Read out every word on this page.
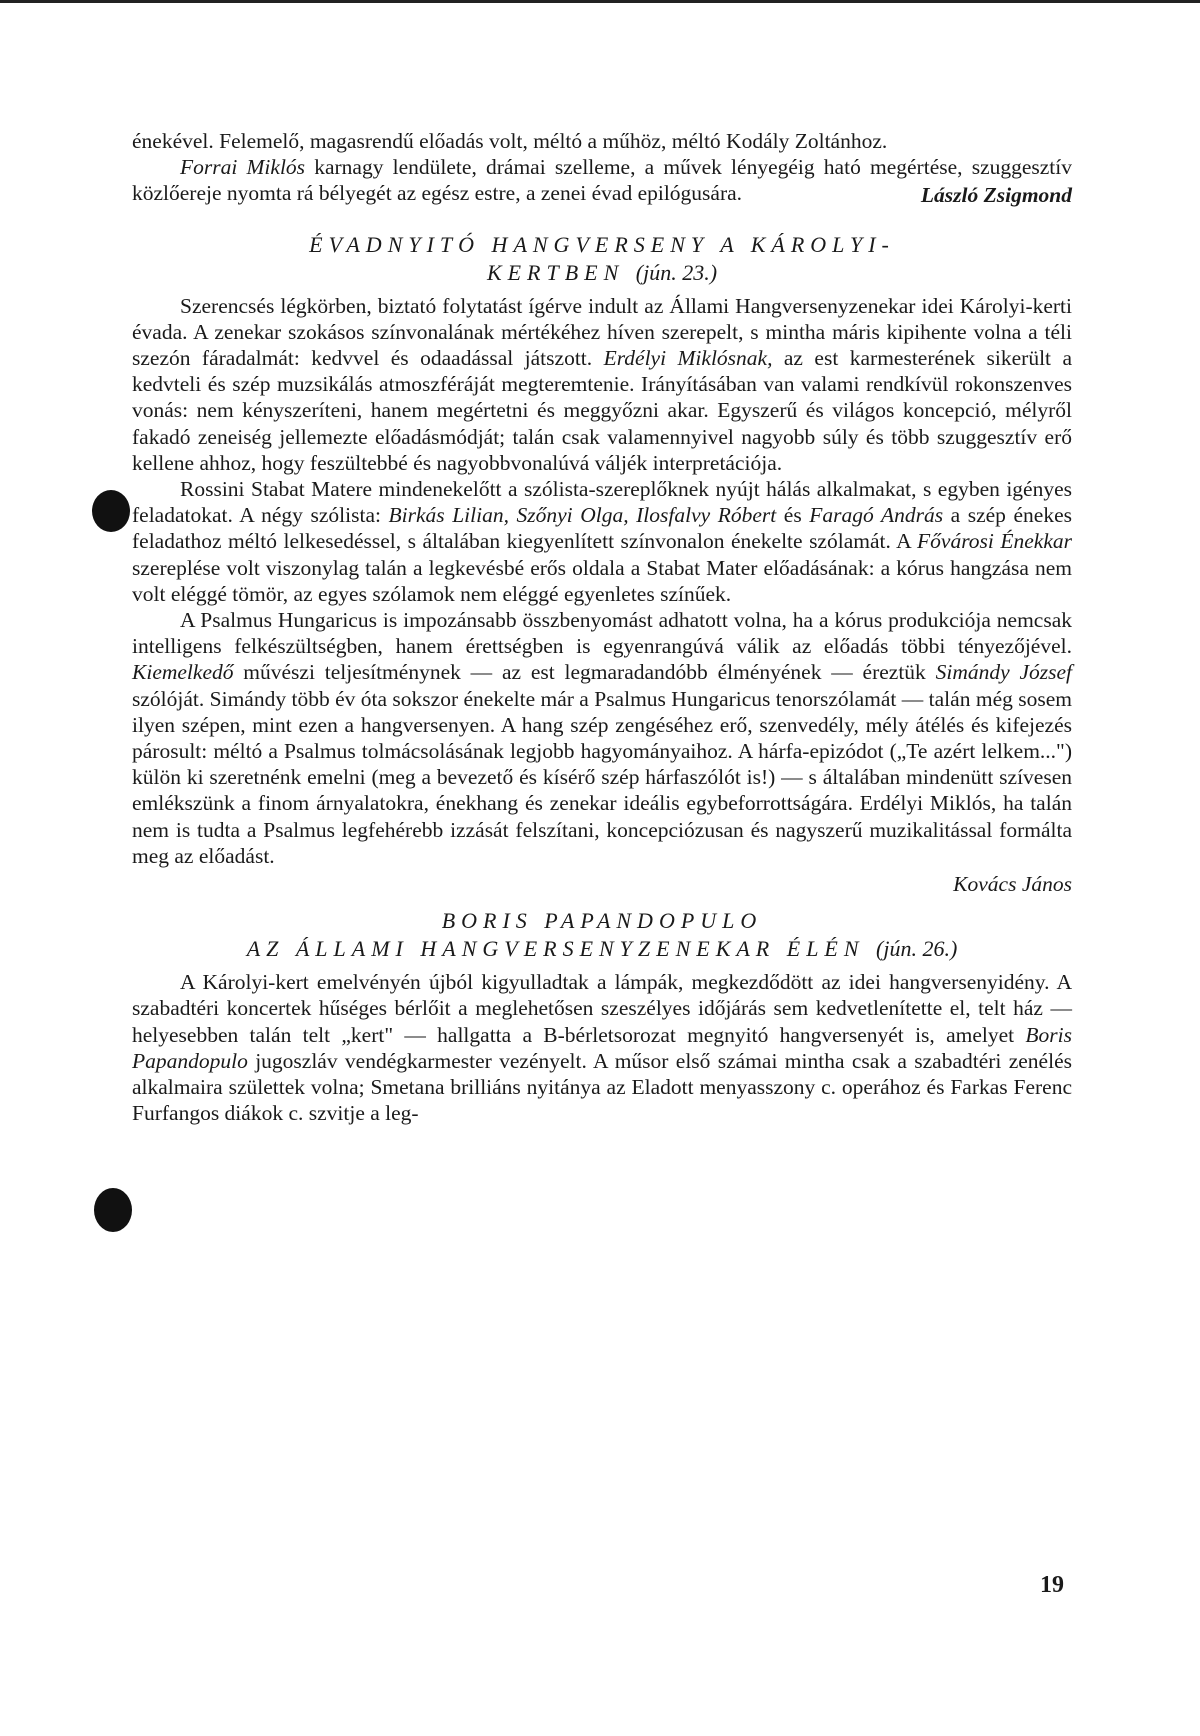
énekével. Felemelő, magasrendű előadás volt, méltó a műhöz, méltó Kodály Zoltánhoz.

Forrai Miklós karnagy lendülete, drámai szelleme, a művek lényegéig ható megértése, szuggesztív közlőereje nyomta rá bélyegét az egész estre, a zenei évad epilógusára.	László Zsigmond

ÉVADNYITÓ HANGVERSENY A KÁROLYI-
KERTBEN (jún. 23.)

Szerencsés légkörben, biztató folytatást ígérve indult az Állami Hangversenyzenekar idei Károlyi-kerti évada. A zenekar szokásos színvonalának mértékéhez híven szerepelt, s mintha máris kipihente volna a téli szezón fáradalmát: kedvvel és odaadással játszott. Erdélyi Miklósnak, az est karmesterének sikerült a kedvteli és szép muzsikálás atmoszféráját megteremtenie. Irányításában van valami rendkívül rokonszenves vonás: nem kényszeríteni, hanem megértetni és meggyőzni akar. Egyszerű és világos koncepció, mélyről fakadó zeneiség jellemezte előadásmódját; talán csak valamennyivel nagyobb súly és több szuggesztív erő kellene ahhoz, hogy feszültebbé és nagyobbvonalúvá váljék interpretációja.

Rossini Stabat Matere mindenekelőtt a szólista-szereplőknek nyújt hálás alkalmakat, s egyben igényes feladatokat. A négy szólista: Birkás Lilian, Szőnyi Olga, Ilosfalvy Róbert és Faragó András a szép énekes feladathoz méltó lelkesedéssel, s általában kiegyenlített színvonalon énekelte szólamát. A Fővárosi Énekkar szereplése volt viszonylag talán a legkevésbé erős oldala a Stabat Mater előadásának: a kórus hangzása nem volt eléggé tömör, az egyes szólamok nem eléggé egyenletes színűek.

A Psalmus Hungaricus is impozánsabb összbenyomást adhatott volna, ha a kórus produkciója nemcsak intelligens felkészültségben, hanem érettségben is egyenrangúvá válik az előadás többi tényezőjével. Kiemelkedő művészi teljesítménynek — az est legmaradandóbb élményének — éreztük Simándy József szólóját. Simándy több év óta sokszor énekelte már a Psalmus Hungaricus tenorszólamát — talán még sosem ilyen szépen, mint ezen a hangversenyen. A hang szép zengéséhez erő, szenvedély, mély átélés és kifejezés párosult: méltó a Psalmus tolmácsolásának legjobb hagyományaihoz. A hárfa-epizódot („Te azért lelkem...") külön ki szeretnénk emelni (meg a bevezető és kísérő szép hárfaszólót is!) — s általában mindenütt szívesen emlékszünk a finom árnyalatokra, énekhang és zenekar ideális egybeforrottságára. Erdélyi Miklós, ha talán nem is tudta a Psalmus legfehérebb izzását felszítani, koncepciózusan és nagyszerű muzikalitással formálta meg az előadást.

Kovács János

BORIS PAPANDOPULO
AZ ÁLLAMI HANGVERSENYZENEKAR ÉLÉN (jún. 26.)

A Károlyi-kert emelvényén újból kigyulladtak a lámpák, megkezdődött az idei hangversenyidény. A szabadtéri koncertek hűséges bérlőit a meglehetősen szeszélyes időjárás sem kedvetlenítette el, telt ház — helyesebben talán telt „kert" — hallgatta a B-bérletsorozat megnyitó hangversenyét is, amelyet Boris Papandopulo jugoszláv vendégkarmester vezényelt. A műsor első számai mintha csak a szabadtéri zenélés alkalmaira születtek volna; Smetana brilliáns nyitánya az Eladott menyasszony c. operához és Farkas Ferenc Furfangos diákok c. szvitje a leg-

19
